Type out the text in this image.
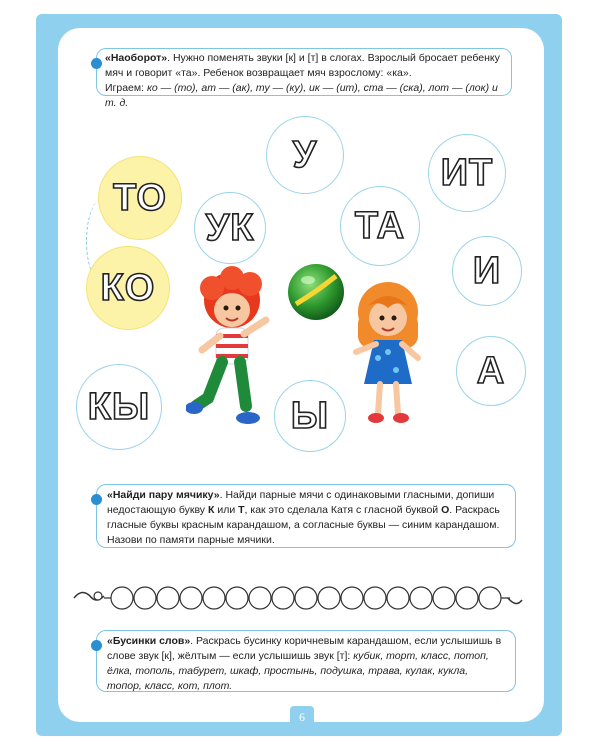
«Наоборот». Нужно поменять звуки [к] и [т] в слогах. Взрослый бросает ребенку мяч и говорит «та». Ребенок возвращает мяч взрослому: «ка».
Играем: ко — (то), ат — (ак), ту — (ку), ик — (ит), ста — (ска), лот — (лок) и т. д.
ТО
КО
УК
У
ТА
ИТ
И
А
Ы
КЫ
«Найди пару мячику». Найди парные мячи с одинаковыми гласными, допиши недостающую букву К или Т, как это сделала Катя с гласной буквой О. Раскрась гласные буквы красным карандашом, а согласные буквы — синим карандашом. Назови по памяти парные мячики.
«Бусинки слов». Раскрась бусинку коричневым карандашом, если услышишь в слове звук [к], жёлтым — если услышишь звук [т]: кубик, торт, класс, потоп, ёлка, тополь, табурет, шкаф, простынь, подушка, трава, кулак, кукла, топор, класс, кот, плот.
6
